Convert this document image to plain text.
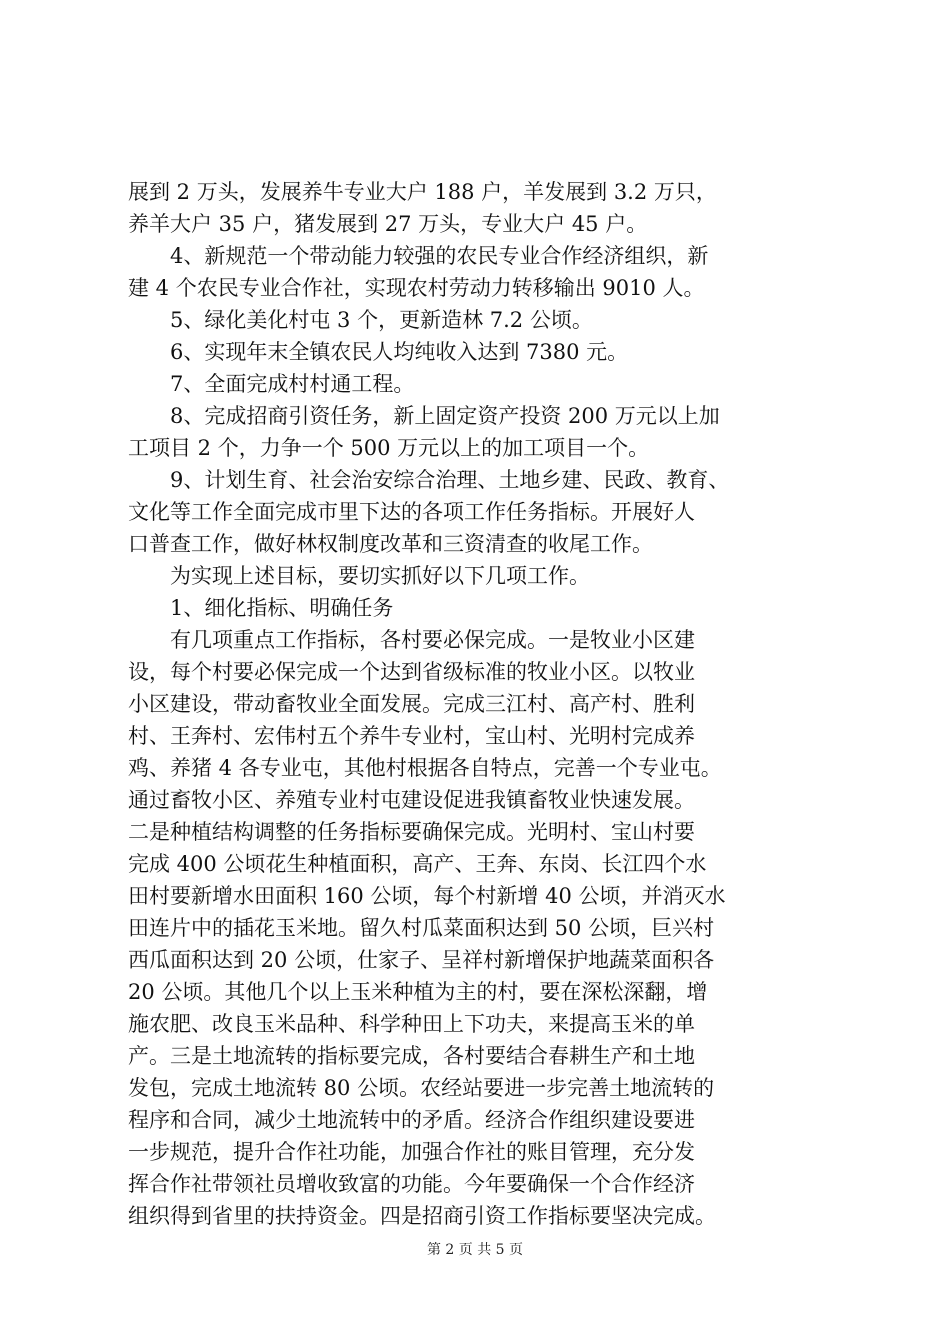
展到 2 万头，发展养牛专业大户 188 户，羊发展到 3.2 万只，
养羊大户 35 户，猪发展到 27 万头，专业大户 45 户。
　　4、新规范一个带动能力较强的农民专业合作经济组织，新
建 4 个农民专业合作社，实现农村劳动力转移输出 9010 人。
　　5、绿化美化村屯 3 个，更新造林 7.2 公顷。
　　6、实现年末全镇农民人均纯收入达到 7380 元。
　　7、全面完成村村通工程。
　　8、完成招商引资任务，新上固定资产投资 200 万元以上加
工项目 2 个，力争一个 500 万元以上的加工项目一个。
　　9、计划生育、社会治安综合治理、土地乡建、民政、教育、
文化等工作全面完成市里下达的各项工作任务指标。开展好人
口普查工作，做好林权制度改革和三资清查的收尾工作。
　　为实现上述目标，要切实抓好以下几项工作。
　　1、细化指标、明确任务
　　有几项重点工作指标，各村要必保完成。一是牧业小区建
设，每个村要必保完成一个达到省级标准的牧业小区。以牧业
小区建设，带动畜牧业全面发展。完成三江村、高产村、胜利
村、王奔村、宏伟村五个养牛专业村，宝山村、光明村完成养
鸡、养猪 4 各专业屯，其他村根据各自特点，完善一个专业屯。
通过畜牧小区、养殖专业村屯建设促进我镇畜牧业快速发展。
二是种植结构调整的任务指标要确保完成。光明村、宝山村要
完成 400 公顷花生种植面积，高产、王奔、东岗、长江四个水
田村要新增水田面积 160 公顷，每个村新增 40 公顷，并消灭水
田连片中的插花玉米地。留久村瓜菜面积达到 50 公顷，巨兴村
西瓜面积达到 20 公顷，仕家子、呈祥村新增保护地蔬菜面积各
20 公顷。其他几个以上玉米种植为主的村，要在深松深翻，增
施农肥、改良玉米品种、科学种田上下功夫，来提高玉米的单
产。三是土地流转的指标要完成，各村要结合春耕生产和土地
发包，完成土地流转 80 公顷。农经站要进一步完善土地流转的
程序和合同，减少土地流转中的矛盾。经济合作组织建设要进
一步规范，提升合作社功能，加强合作社的账目管理，充分发
挥合作社带领社员增收致富的功能。今年要确保一个合作经济
组织得到省里的扶持资金。四是招商引资工作指标要坚决完成。
第 2 页 共 5 页
